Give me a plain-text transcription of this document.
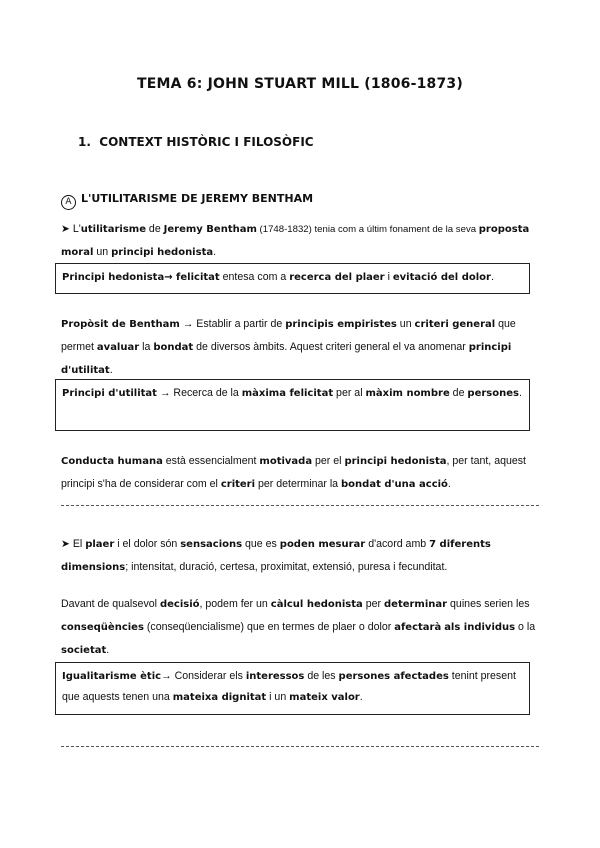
TEMA 6: JOHN STUART MILL (1806-1873)
1. CONTEXT HISTÒRIC I FILOSÒFIC
A L'UTILITARISME DE JEREMY BENTHAM
➤ L'utilitarisme de Jeremy Bentham (1748-1832) tenia com a últim fonament de la seva proposta moral un principi hedonista.
Principi hedonista→ felicitat entesa com a recerca del plaer i evitació del dolor.
Propòsit de Bentham → Establir a partir de principis empiristes un criteri general que permet avaluar la bondat de diversos àmbits. Aquest criteri general el va anomenar principi d'utilitat.
Principi d'utilitat → Recerca de la màxima felicitat per al màxim nombre de persones.
Conducta humana està essencialment motivada per el principi hedonista, per tant, aquest principi s'ha de considerar com el criteri per determinar la bondat d'una acció.
➤ El plaer i el dolor són sensacions que es poden mesurar d'acord amb 7 diferents dimensions; intensitat, duració, certesa, proximitat, extensió, puresa i fecunditat.
Davant de qualsevol decisió, podem fer un càlcul hedonista per determinar quines serien les conseqüències (conseqüencialisme) que en termes de plaer o dolor afectarà als individus o la societat.
Igualitarisme ètic→ Considerar els interessos de les persones afectades tenint present que aquests tenen una mateixa dignitat i un mateix valor.
